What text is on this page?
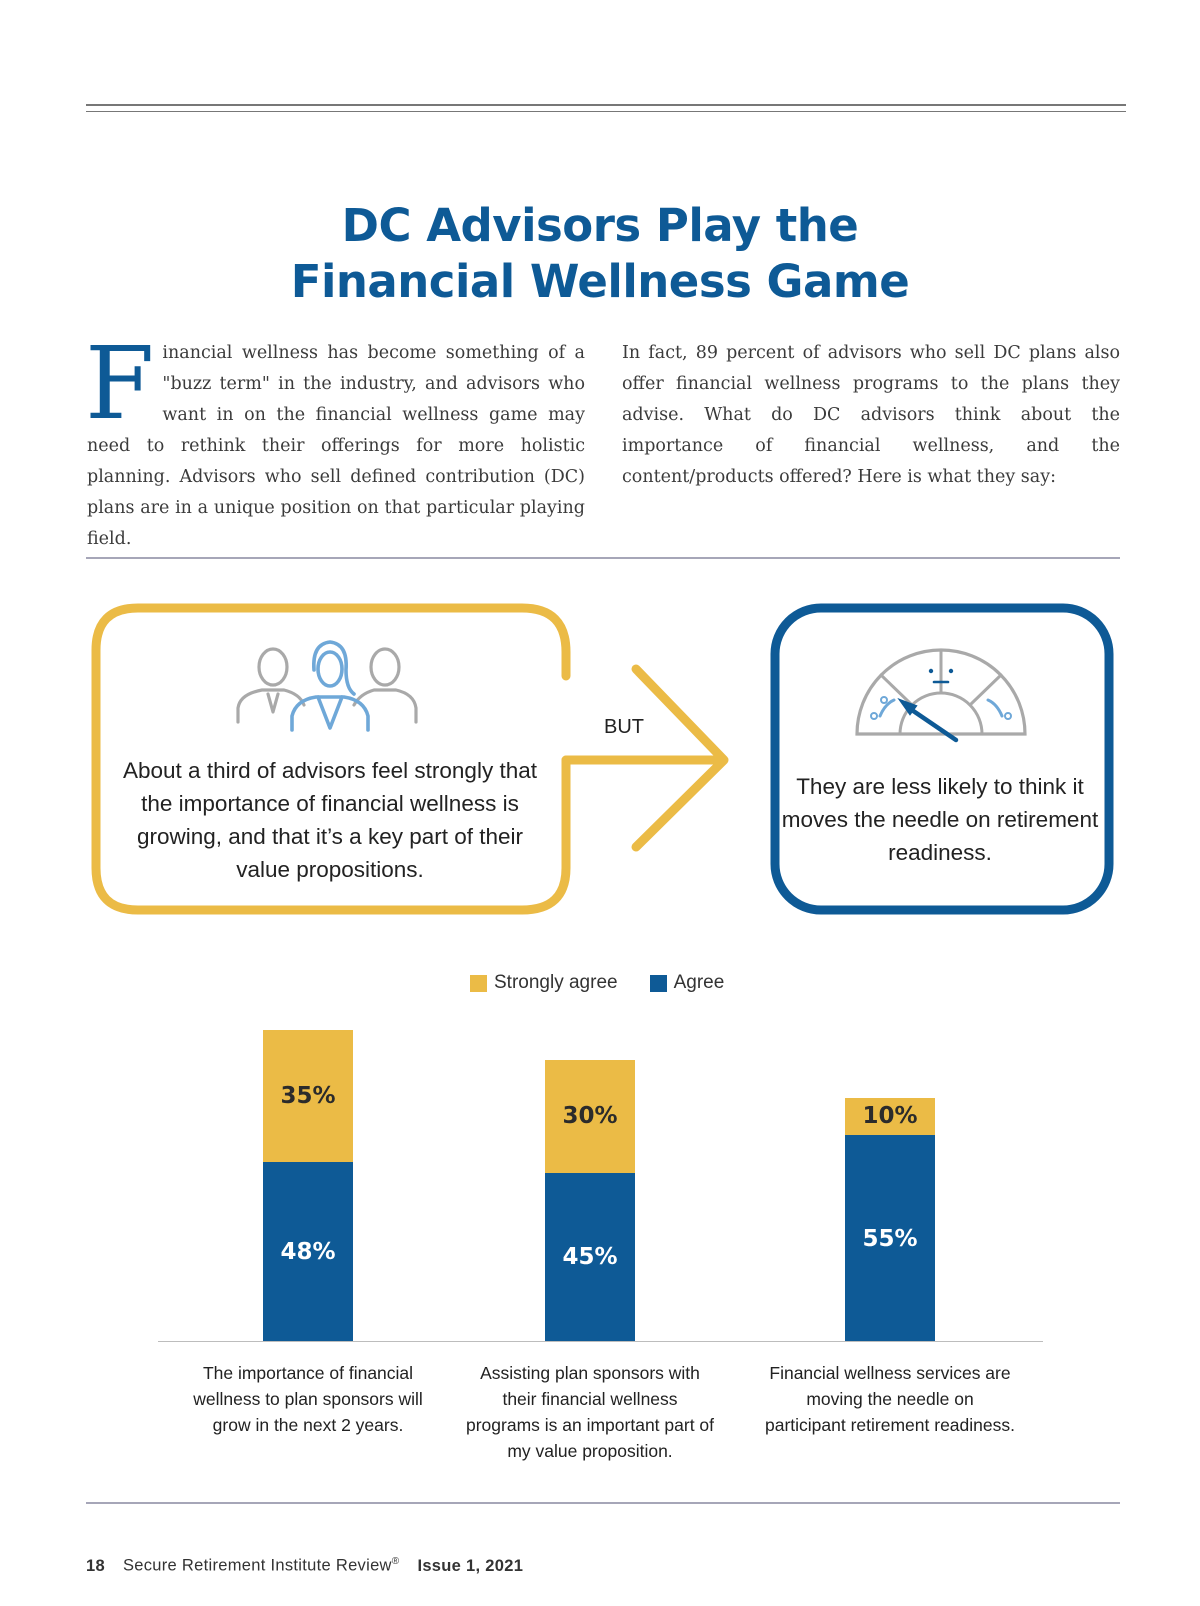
DC Advisors Play the
Financial Wellness Game
Financial wellness has become something of a "buzz term" in the industry, and advisors who want in on the financial wellness game may need to rethink their offerings for more holistic planning. Advisors who sell defined contribution (DC) plans are in a unique position on that particular playing field.
In fact, 89 percent of advisors who sell DC plans also offer financial wellness programs to the plans they advise. What do DC advisors think about the importance of financial wellness, and the content/products offered? Here is what they say:
About a third of advisors feel strongly that the importance of financial wellness is growing, and that it’s a key part of their value propositions.
BUT
They are less likely to think it moves the needle on retirement readiness.
Strongly agree	Agree
48%
35%
45%
30%
55%
10%
The importance of financial wellness to plan sponsors will grow in the next 2 years.
Assisting plan sponsors with their financial wellness programs is an important part of my value proposition.
Financial wellness services are moving the needle on participant retirement readiness.
18 Secure Retirement Institute Review® Issue 1, 2021
